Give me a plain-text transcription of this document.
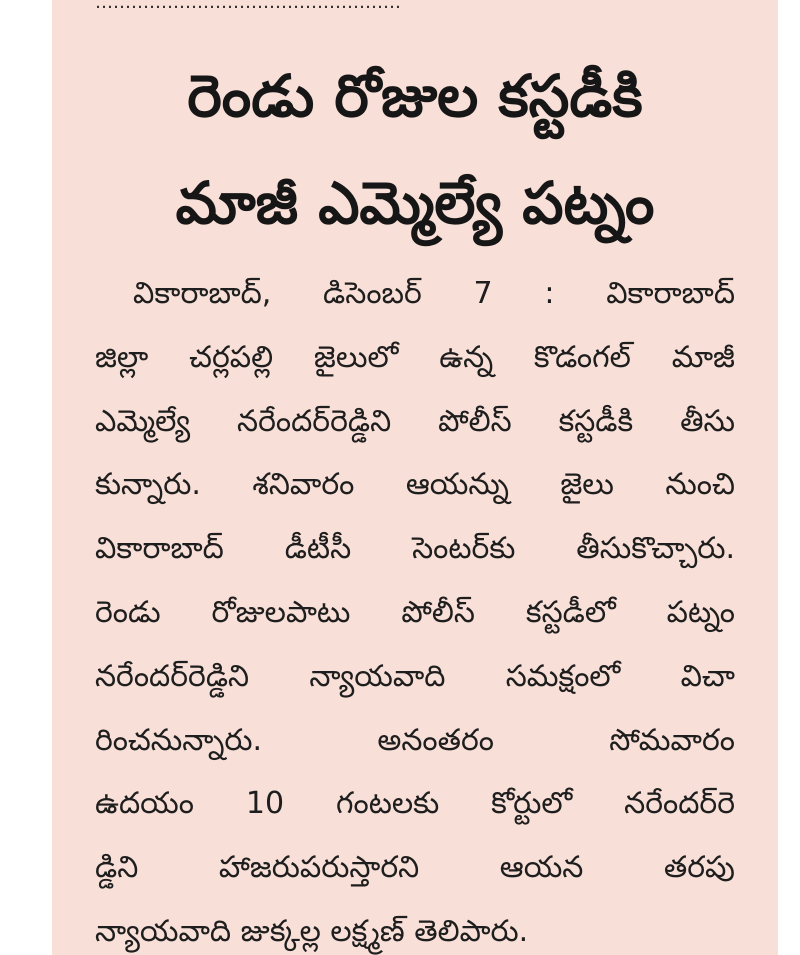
……………………………………………
రెండు రోజుల కస్టడీకి
మాజీ ఎమ్మెల్యే పట్నం
వికారాబాద్, డిసెంబర్ 7 : వికారాబాద్
జిల్లా చర్లపల్లి జైలులో ఉన్న కొడంగల్ మాజీ
ఎమ్మెల్యే నరేందర్‌రెడ్డిని పోలీస్ కస్టడీకి తీసు
కున్నారు. శనివారం ఆయన్ను జైలు నుంచి
వికారాబాద్ డీటీసీ సెంటర్‌కు తీసుకొచ్చారు.
రెండు రోజులపాటు పోలీస్ కస్టడీలో పట్నం
నరేందర్‌రెడ్డిని న్యాయవాది సమక్షంలో విచా
రించనున్నారు. అనంతరం సోమవారం
ఉదయం 10 గంటలకు కోర్టులో నరేందర్‌రె
డ్డిని హాజరుపరుస్తారని ఆయన తరపు
న్యాయవాది జుక్కల్ల లక్ష్మణ్ తెలిపారు.
